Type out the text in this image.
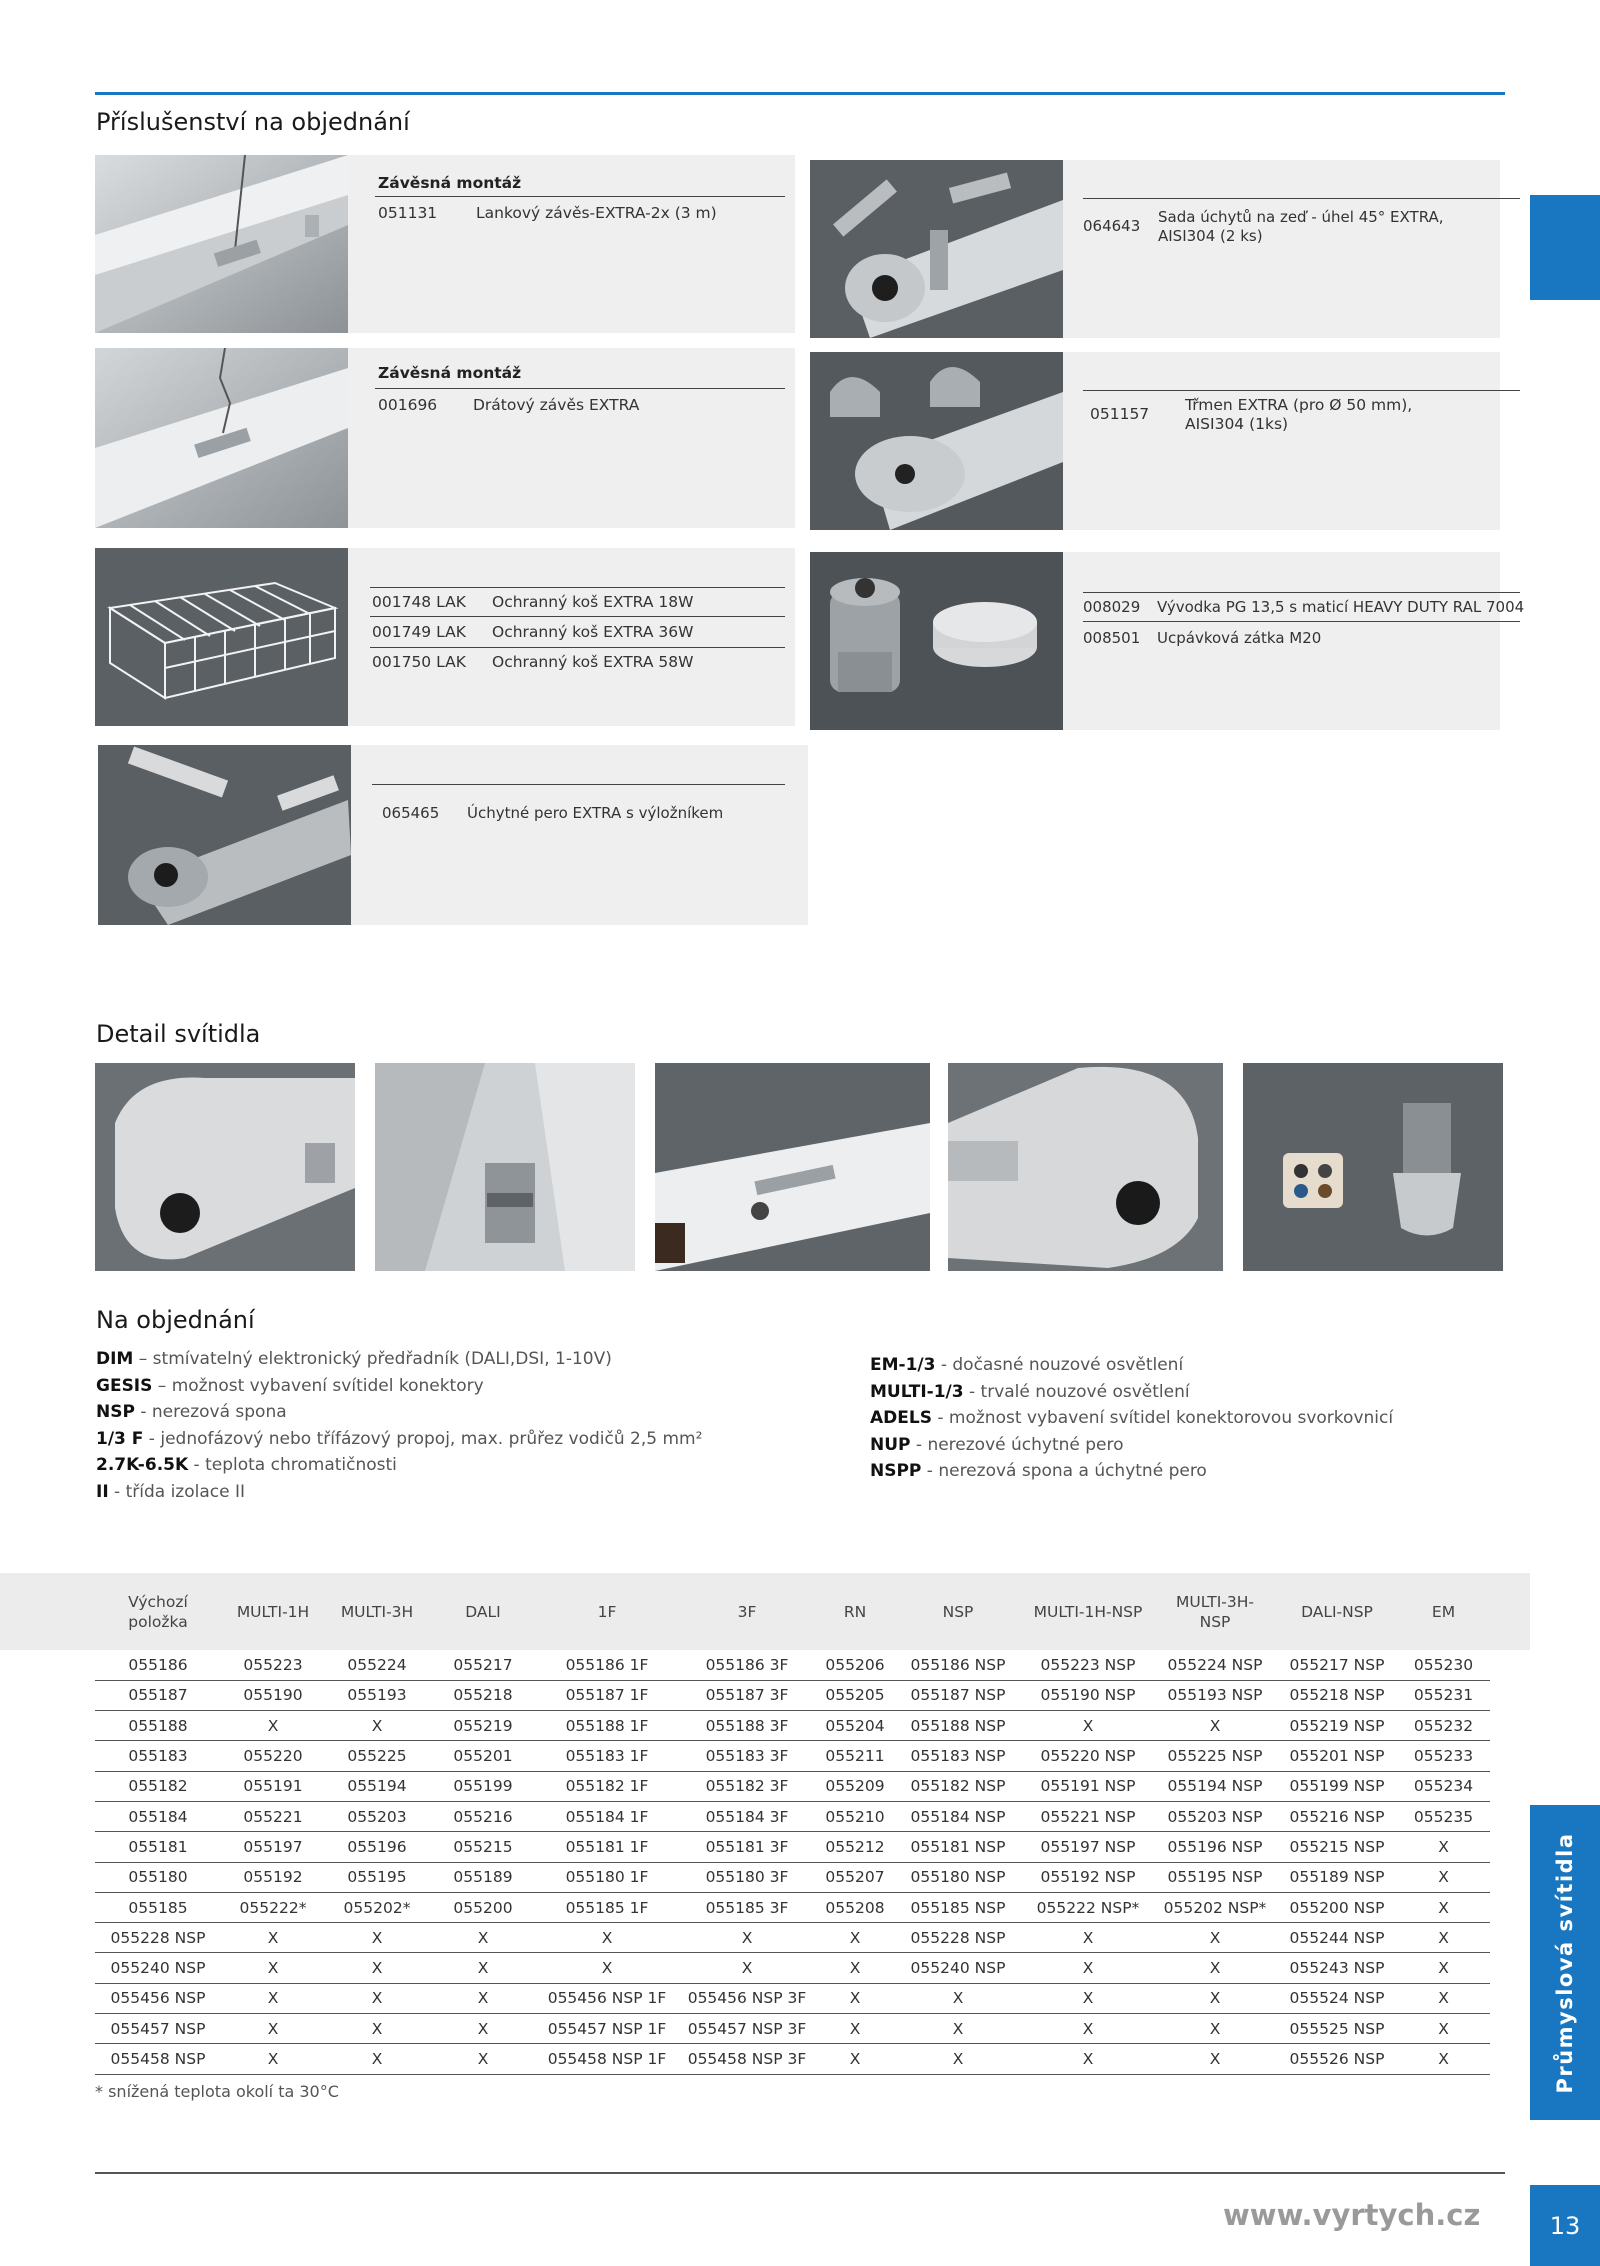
Příslušenství na objednání
Závěsná montáž
051131	Lankový závěs-EXTRA-2x (3 m)
064643 Sada úchytů na zeď - úhel 45° EXTRA,
AISI304 (2 ks)
Závěsná montáž
001696 Drátový závěs EXTRA	051157 Třmen EXTRA (pro Ø 50 mm),
AISI304 (1ks)
001748 LAK Ochranný koš EXTRA 18W
001749 LAK Ochranný koš EXTRA 36W
001750 LAK Ochranný koš EXTRA 58W
008029 Vývodka PG 13,5 s maticí HEAVY DUTY RAL 7004
008501 Ucpávková zátka M20
065465 Úchytné pero EXTRA s výložníkem
Detail svítidla
Na objednání
DIM – stmívatelný elektronický předřadník (DALI,DSI, 1-10V)
GESIS – možnost vybavení svítidel konektory
NSP - nerezová spona
1/3 F - jednofázový nebo třífázový propoj, max. průřez vodičů 2,5 mm²
2.7K-6.5K - teplota chromatičnosti
II - třída izolace II
EM-1/3 - dočasné nouzové osvětlení
MULTI-1/3 - trvalé nouzové osvětlení
ADELS - možnost vybavení svítidel konektorovou svorkovnicí
NUP - nerezové úchytné pero
NSPP - nerezová spona a úchytné pero
Výchozí
položka	MULTI-1H	MULTI-3H	DALI	1F	3F	RN	NSP	MULTI-1H-NSP	MULTI-3H-
NSP	DALI-NSP	EM
055186	055223	055224	055217	055186 1F	055186 3F	055206	055186 NSP	055223 NSP	055224 NSP	055217 NSP	055230
055187	055190	055193	055218	055187 1F	055187 3F	055205	055187 NSP	055190 NSP	055193 NSP	055218 NSP	055231
055188	X	X	055219	055188 1F	055188 3F	055204	055188 NSP	X	X	055219 NSP	055232
055183	055220	055225	055201	055183 1F	055183 3F	055211	055183 NSP	055220 NSP	055225 NSP	055201 NSP	055233
055182	055191	055194	055199	055182 1F	055182 3F	055209	055182 NSP	055191 NSP	055194 NSP	055199 NSP	055234
055184	055221	055203	055216	055184 1F	055184 3F	055210	055184 NSP	055221 NSP	055203 NSP	055216 NSP	055235
055181	055197	055196	055215	055181 1F	055181 3F	055212	055181 NSP	055197 NSP	055196 NSP	055215 NSP	X
055180	055192	055195	055189	055180 1F	055180 3F	055207	055180 NSP	055192 NSP	055195 NSP	055189 NSP	X
055185	055222*	055202*	055200	055185 1F	055185 3F	055208	055185 NSP	055222 NSP*	055202 NSP*	055200 NSP	X
055228 NSP	X	X	X	X	X	X	055228 NSP	X	X	055244 NSP	X
055240 NSP	X	X	X	X	X	X	055240 NSP	X	X	055243 NSP	X
055456 NSP	X	X	X	055456 NSP 1F	055456 NSP 3F	X	X	X	X	055524 NSP	X
055457 NSP	X	X	X	055457 NSP 1F	055457 NSP 3F	X	X	X	X	055525 NSP	X
055458 NSP	X	X	X	055458 NSP 1F	055458 NSP 3F	X	X	X	X	055526 NSP	X
* snížená teplota okolí ta 30°C	Průmyslová svítidla
www.vyrtych.cz	13
